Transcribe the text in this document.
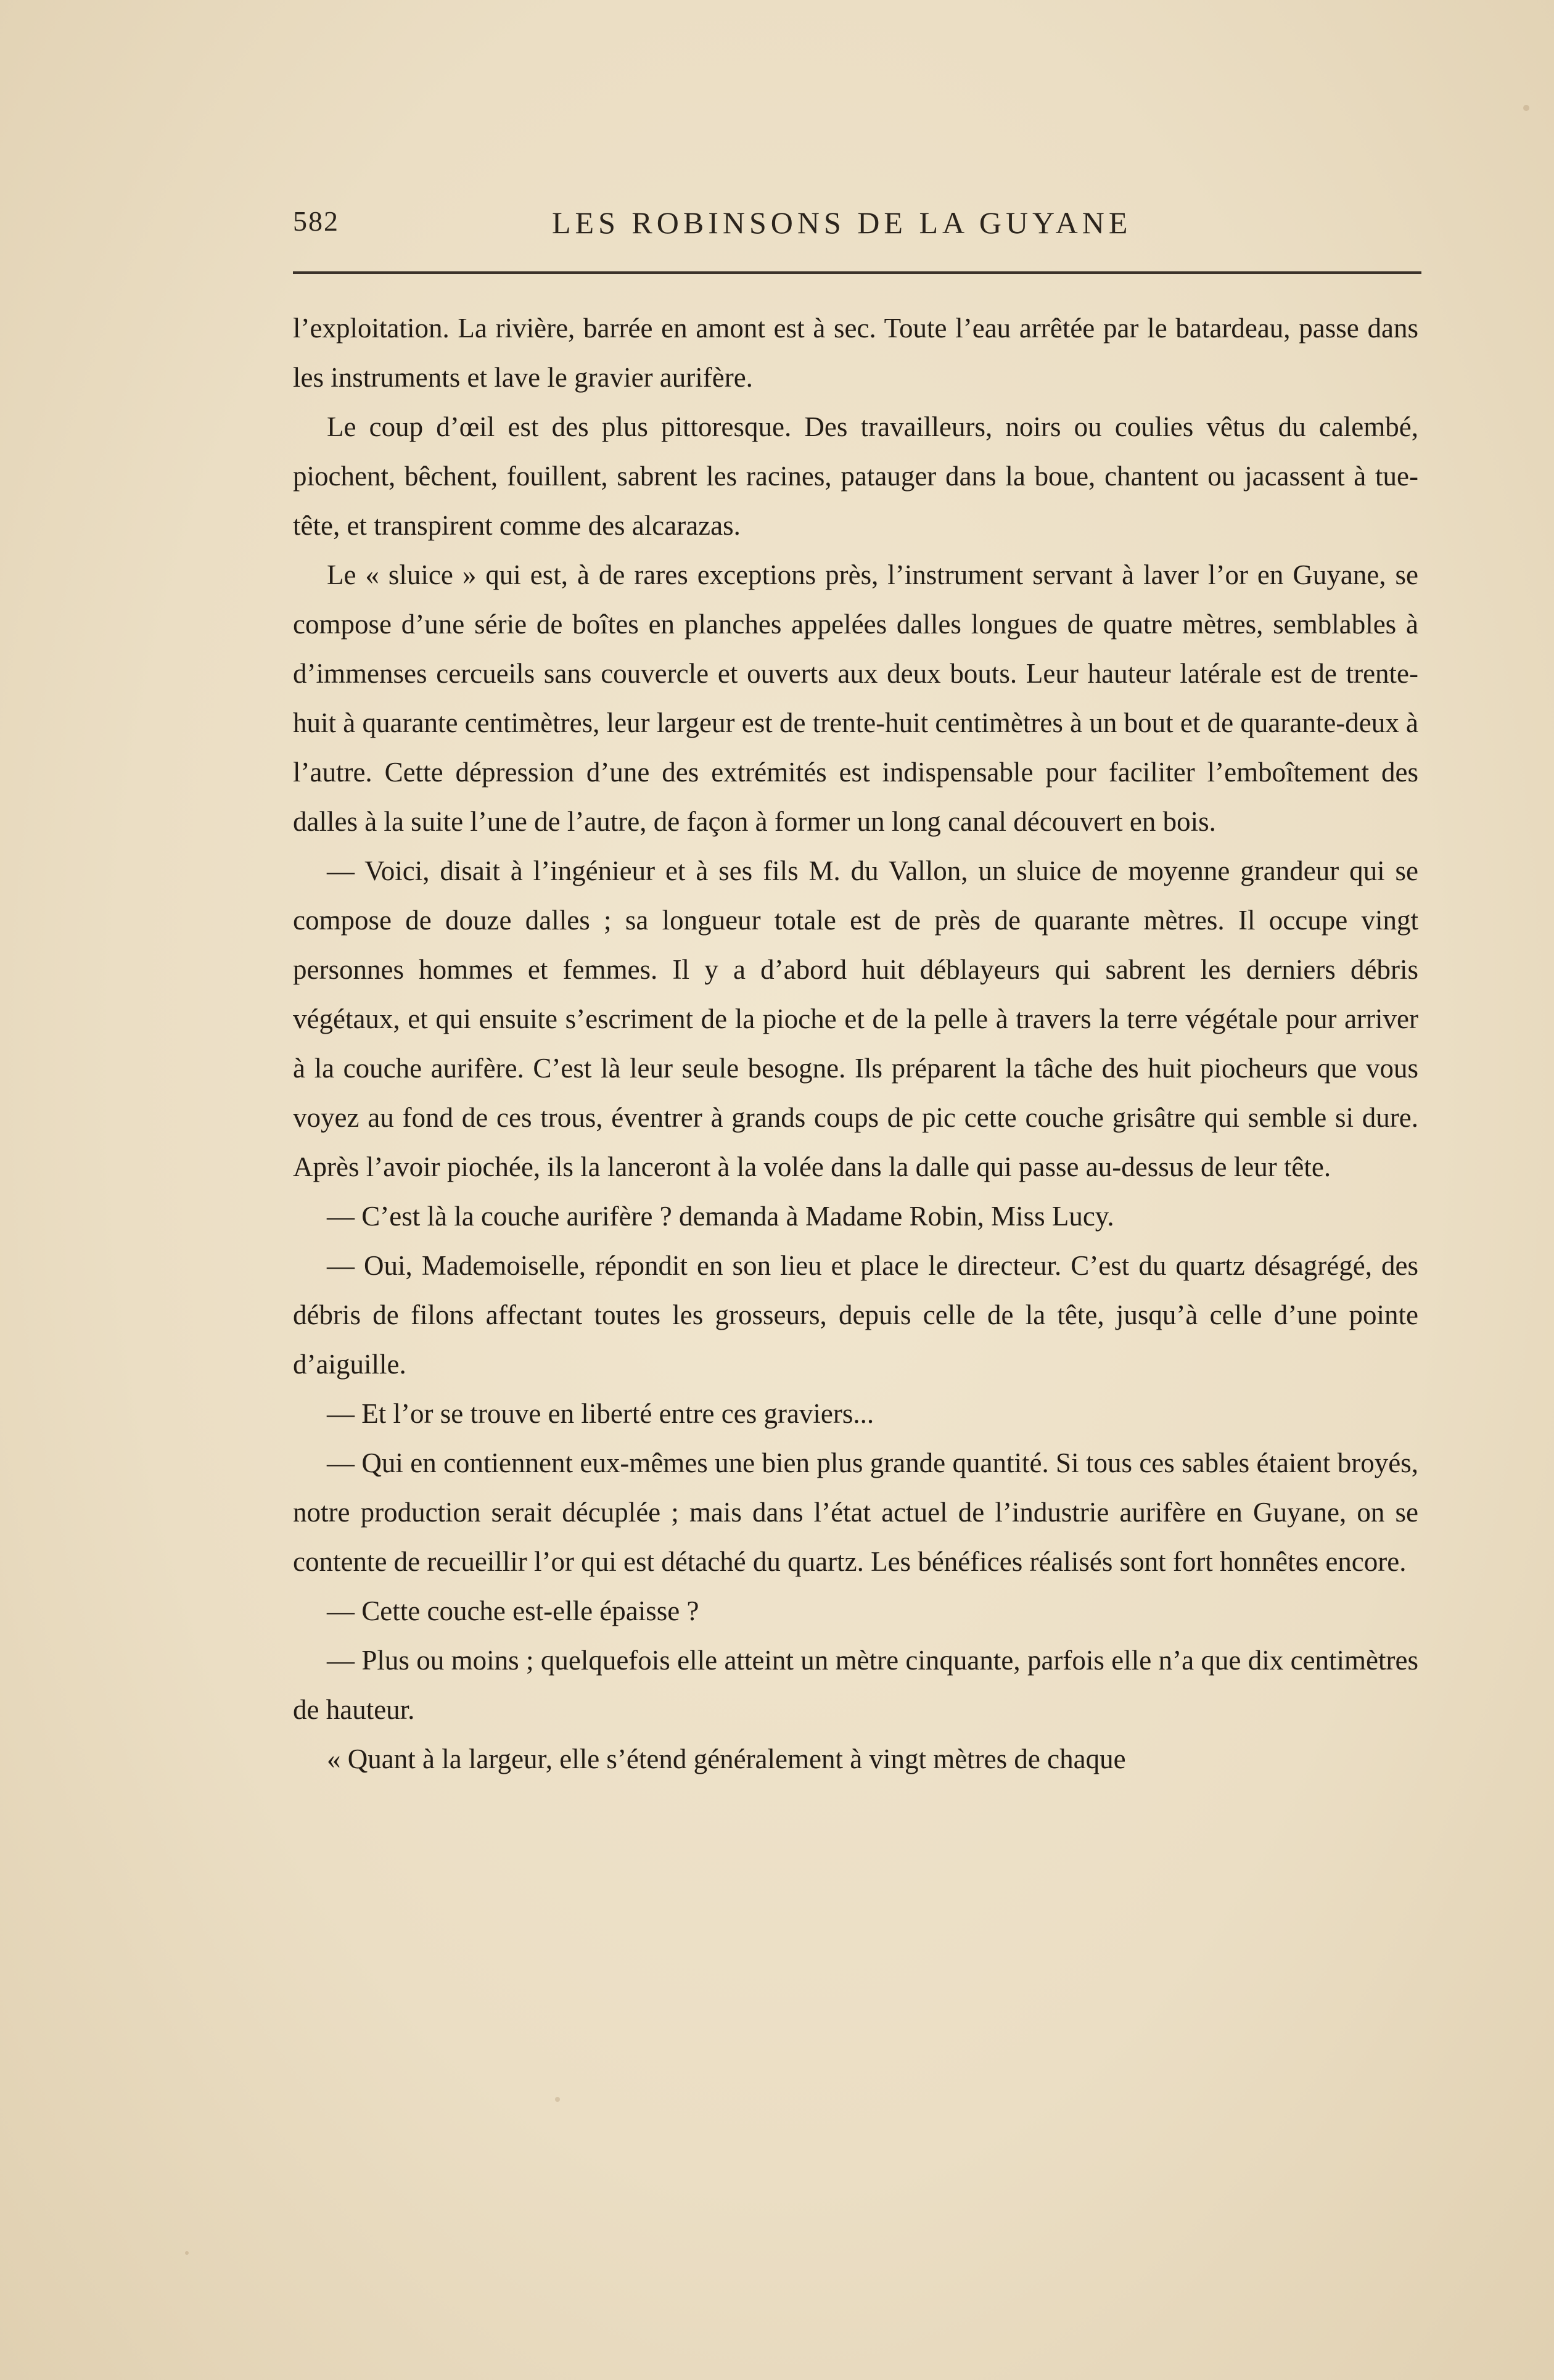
582	LES ROBINSONS DE LA GUYANE

l’exploitation. La rivière, barrée en amont est à sec. Toute l’eau arrêtée par le batardeau, passe dans les instruments et lave le gravier aurifère.

Le coup d’œil est des plus pittoresque. Des travailleurs, noirs ou coulies vêtus du calembé, piochent, bêchent, fouillent, sabrent les racines, patauger dans la boue, chantent ou jacassent à tue-tête, et transpirent comme des alcarazas.

Le « sluice » qui est, à de rares exceptions près, l’instrument servant à laver l’or en Guyane, se compose d’une série de boîtes en planches appelées dalles longues de quatre mètres, semblables à d’immenses cercueils sans couvercle et ouverts aux deux bouts. Leur hauteur latérale est de trente-huit à quarante centimètres, leur largeur est de trente-huit centimètres à un bout et de quarante-deux à l’autre. Cette dépression d’une des extrémités est indispensable pour faciliter l’emboîtement des dalles à la suite l’une de l’autre, de façon à former un long canal découvert en bois.

— Voici, disait à l’ingénieur et à ses fils M. du Vallon, un sluice de moyenne grandeur qui se compose de douze dalles ; sa longueur totale est de près de quarante mètres. Il occupe vingt personnes hommes et femmes. Il y a d’abord huit déblayeurs qui sabrent les derniers débris végétaux, et qui ensuite s’escriment de la pioche et de la pelle à travers la terre végétale pour arriver à la couche aurifère. C’est là leur seule besogne. Ils préparent la tâche des huit piocheurs que vous voyez au fond de ces trous, éventrer à grands coups de pic cette couche grisâtre qui semble si dure. Après l’avoir piochée, ils la lanceront à la volée dans la dalle qui passe au-dessus de leur tête.

— C’est là la couche aurifère ? demanda à Madame Robin, Miss Lucy.

— Oui, Mademoiselle, répondit en son lieu et place le directeur. C’est du quartz désagrégé, des débris de filons affectant toutes les grosseurs, depuis celle de la tête, jusqu’à celle d’une pointe d’aiguille.

— Et l’or se trouve en liberté entre ces graviers...

— Qui en contiennent eux-mêmes une bien plus grande quantité. Si tous ces sables étaient broyés, notre production serait décuplée ; mais dans l’état actuel de l’industrie aurifère en Guyane, on se contente de recueillir l’or qui est détaché du quartz. Les bénéfices réalisés sont fort honnêtes encore.

— Cette couche est-elle épaisse ?

— Plus ou moins ; quelquefois elle atteint un mètre cinquante, parfois elle n’a que dix centimètres de hauteur.

« Quant à la largeur, elle s’étend généralement à vingt mètres de chaque
